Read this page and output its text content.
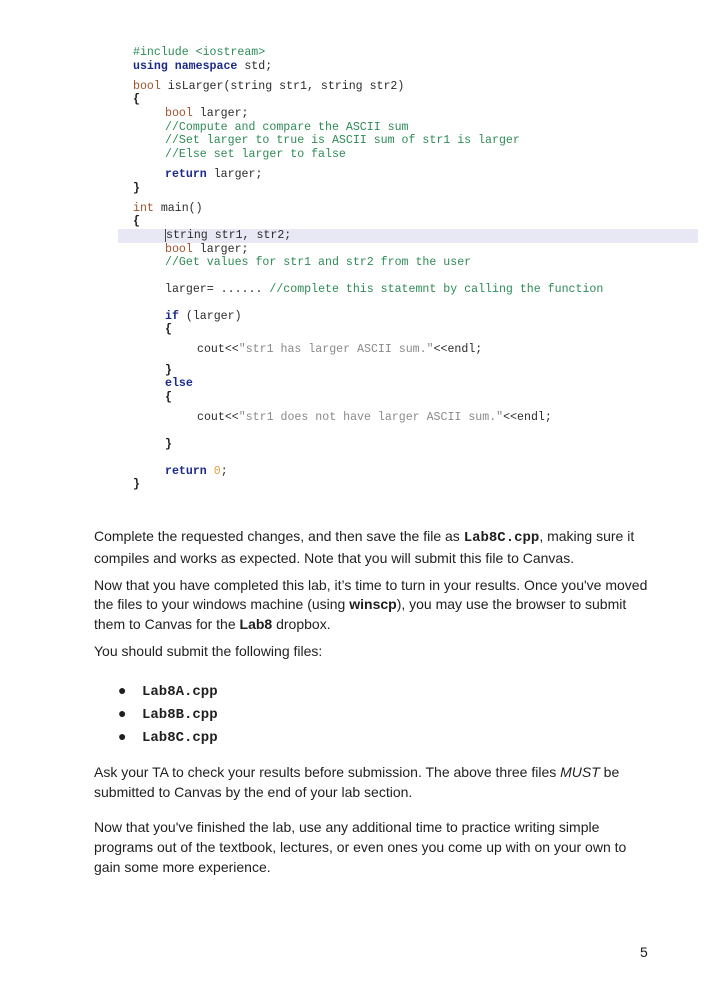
#include <iostream>
using namespace std;
bool isLarger(string str1, string str2)
{
bool larger;
//Compute and compare the ASCII sum
//Set larger to true is ASCII sum of str1 is larger
//Else set larger to false
return larger;
}
int main()
{
string str1, str2;
bool larger;
//Get values for str1 and str2 from the user
larger= ...... //complete this statemnt by calling the function
if (larger)
{
cout<<"str1 has larger ASCII sum."<<endl;
}
else
{
cout<<"str1 does not have larger ASCII sum."<<endl;
}
return 0;
}

Complete the requested changes, and then save the file as Lab8C.cpp, making sure it compiles and works as expected. Note that you will submit this file to Canvas.

Now that you have completed this lab, it’s time to turn in your results. Once you've moved the files to your windows machine (using winscp), you may use the browser to submit them to Canvas for the Lab8 dropbox.

You should submit the following files:

● Lab8A.cpp
● Lab8B.cpp
● Lab8C.cpp

Ask your TA to check your results before submission. The above three files MUST be submitted to Canvas by the end of your lab section.

Now that you've finished the lab, use any additional time to practice writing simple programs out of the textbook, lectures, or even ones you come up with on your own to gain some more experience.

5
